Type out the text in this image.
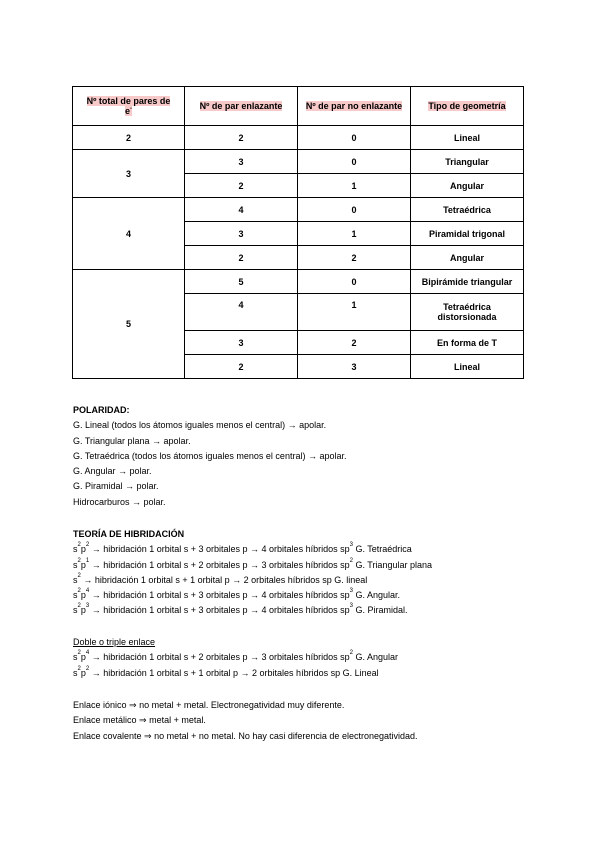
Nº total de pares de
e-	Nº de par enlazante	Nº de par no enlazante	Tipo de geometría
2	2	0	Lineal
3	3	0	Triangular
	2	1	Angular
4	4	0	Tetraédrica
	3	1	Piramidal trigonal
	2	2	Angular
5	5	0	Bipirámide triangular
	4	1	Tetraédrica distorsionada
	3	2	En forma de T
	2	3	Lineal
POLARIDAD:
G. Lineal (todos los átomos iguales menos el central) → apolar.
G. Triangular plana → apolar.
G. Tetraédrica (todos los átomos iguales menos el central) → apolar.
G. Angular → polar.
G. Piramidal → polar.
Hidrocarburos → polar.
TEORÍA DE HIBRIDACIÓN
$s^2p^2$ → hibridación 1 orbital s + 3 orbitales p → 4 orbitales híbridos $sp^3$ G. Tetraédrica
$s^2p^1$ → hibridación 1 orbital s + 2 orbitales p → 3 orbitales híbridos $sp^2$ G. Triangular plana
$s^2$ → hibridación 1 orbital s + 1 orbital p → 2 orbitales híbridos sp G. lineal
$s^2p^4$ → hibridación 1 orbital s + 3 orbitales p → 4 orbitales híbridos $sp^3$ G. Angular.
$s^2p^3$ → hibridación 1 orbital s + 3 orbitales p → 4 orbitales híbridos $sp^3$ G. Piramidal.
Doble o triple enlace
$s^2p^4$ → hibridación 1 orbital s + 2 orbitales p → 3 orbitales híbridos $sp^2$ G. Angular
$s^2p^2$ → hibridación 1 orbital s + 1 orbital p → 2 orbitales híbridos sp G. Lineal
Enlace iónico ⇒ no metal + metal. Electronegatividad muy diferente.
Enlace metálico ⇒ metal + metal.
Enlace covalente ⇒ no metal + no metal. No hay casi diferencia de electronegatividad.
